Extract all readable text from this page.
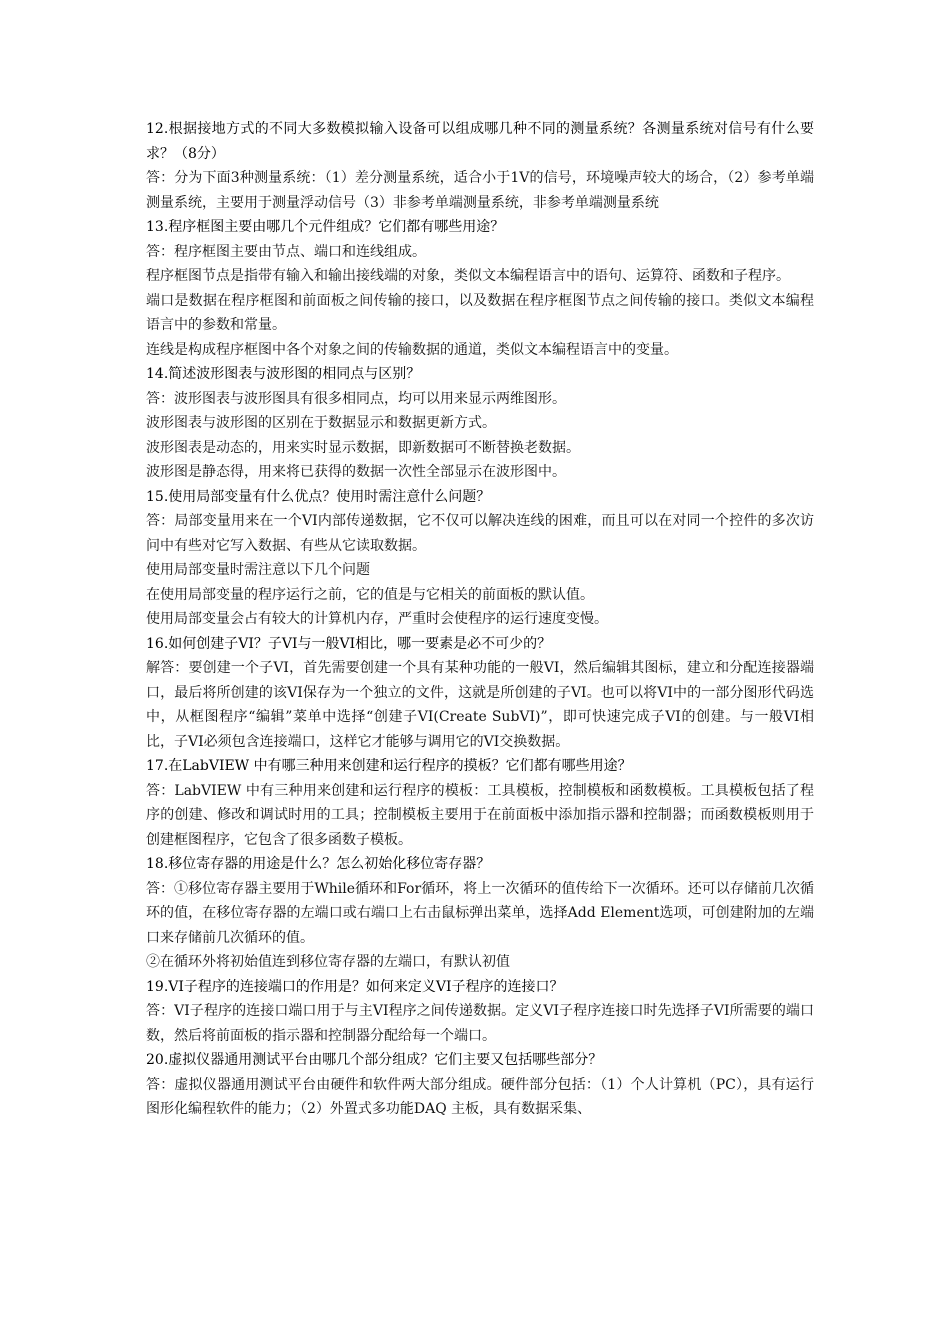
12.根据接地方式的不同大多数模拟输入设备可以组成哪几种不同的测量系统？各测量系统对信号有什么要求？（8分）

答：分为下面3种测量系统：（1）差分测量系统，适合小于1V的信号，环境噪声较大的场合，（2）参考单端测量系统，主要用于测量浮动信号（3）非参考单端测量系统，非参考单端测量系统

13.程序框图主要由哪几个元件组成？它们都有哪些用途？

答：程序框图主要由节点、端口和连线组成。

程序框图节点是指带有输入和输出接线端的对象，类似文本编程语言中的语句、运算符、函数和子程序。

端口是数据在程序框图和前面板之间传输的接口，以及数据在程序框图节点之间传输的接口。类似文本编程语言中的参数和常量。

连线是构成程序框图中各个对象之间的传输数据的通道，类似文本编程语言中的变量。

14.简述波形图表与波形图的相同点与区别？

答：波形图表与波形图具有很多相同点，均可以用来显示两维图形。

波形图表与波形图的区别在于数据显示和数据更新方式。

波形图表是动态的，用来实时显示数据，即新数据可不断替换老数据。

波形图是静态得，用来将已获得的数据一次性全部显示在波形图中。

15.使用局部变量有什么优点？使用时需注意什么问题？

答：局部变量用来在一个VI内部传递数据，它不仅可以解决连线的困难，而且可以在对同一个控件的多次访问中有些对它写入数据、有些从它读取数据。

使用局部变量时需注意以下几个问题

在使用局部变量的程序运行之前，它的值是与它相关的前面板的默认值。

使用局部变量会占有较大的计算机内存，严重时会使程序的运行速度变慢。

16.如何创建子VI？子VI与一般VI相比，哪一要素是必不可少的？

解答：要创建一个子VI，首先需要创建一个具有某种功能的一般VI，然后编辑其图标，建立和分配连接器端口，最后将所创建的该VI保存为一个独立的文件，这就是所创建的子VI。也可以将VI中的一部分图形代码选中，从框图程序“编辑”菜单中选择“创建子VI(Create SubVI)”，即可快速完成子VI的创建。与一般VI相比，子VI必须包含连接端口，这样它才能够与调用它的VI交换数据。

17.在LabVIEW 中有哪三种用来创建和运行程序的摸板？它们都有哪些用途？

答：LabVIEW 中有三种用来创建和运行程序的模板：工具模板，控制模板和函数模板。工具模板包括了程序的创建、修改和调试时用的工具；控制模板主要用于在前面板中添加指示器和控制器；而函数模板则用于创建框图程序，它包含了很多函数子模板。

18.移位寄存器的用途是什么？怎么初始化移位寄存器？

答：①移位寄存器主要用于While循环和For循环，将上一次循环的值传给下一次循环。还可以存储前几次循环的值，在移位寄存器的左端口或右端口上右击鼠标弹出菜单，选择Add Element选项，可创建附加的左端口来存储前几次循环的值。

②在循环外将初始值连到移位寄存器的左端口，有默认初值

19.VI子程序的连接端口的作用是？如何来定义VI子程序的连接口？

答：VI子程序的连接口端口用于与主VI程序之间传递数据。定义VI子程序连接口时先选择子VI所需要的端口数，然后将前面板的指示器和控制器分配给每一个端口。

20.虚拟仪器通用测试平台由哪几个部分组成？它们主要又包括哪些部分？

答：虚拟仪器通用测试平台由硬件和软件两大部分组成。硬件部分包括：（1）个人计算机（PC），具有运行图形化编程软件的能力；（2）外置式多功能DAQ 主板，具有数据采集、
